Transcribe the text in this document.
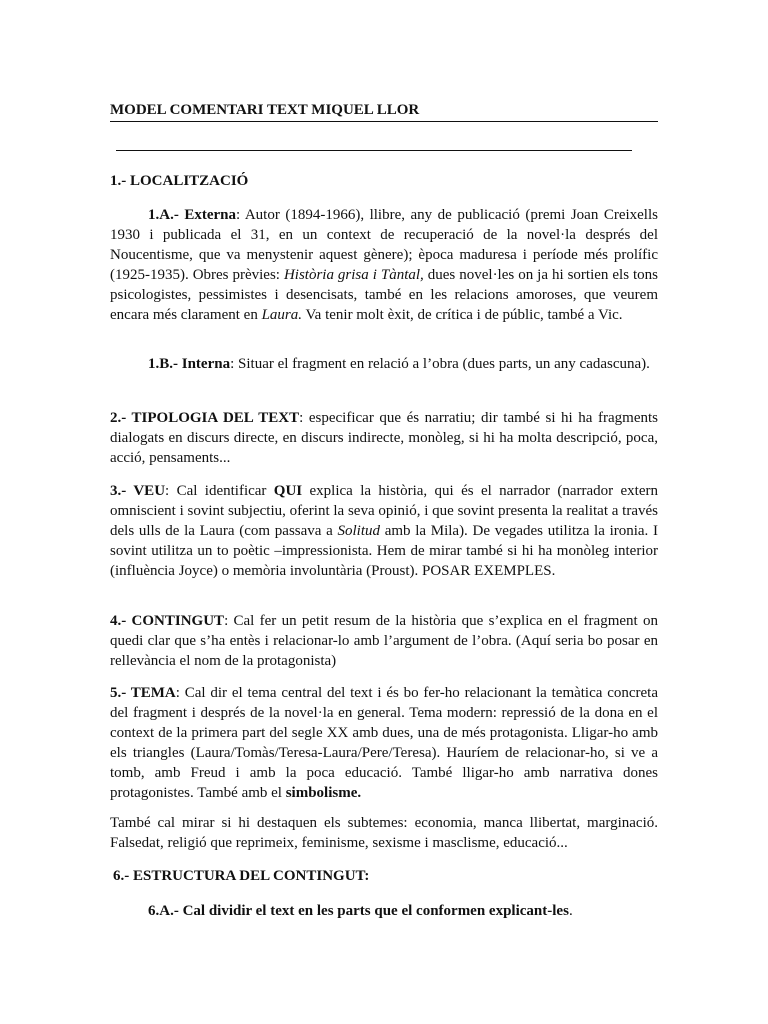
MODEL COMENTARI TEXT MIQUEL LLOR

1.- LOCALITZACIÓ

1.A.- Externa: Autor (1894-1966), llibre, any de publicació (premi Joan Creixells 1930 i publicada el 31, en un context de recuperació de la novel·la després del Noucentisme, que va menystenir aquest gènere); època maduresa i període més prolífic (1925-1935). Obres prèvies: Història grisa i Tàntal, dues novel·les on ja hi sortien els tons psicologistes, pessimistes i desencisats, també en les relacions amoroses, que veurem encara més clarament en Laura. Va tenir molt èxit, de crítica i de públic, també a Vic.

1.B.- Interna: Situar el fragment en relació a l’obra (dues parts, un any cadascuna).

2.- TIPOLOGIA DEL TEXT: especificar que és narratiu; dir també si hi ha fragments dialogats en discurs directe, en discurs indirecte, monòleg, si hi ha molta descripció, poca, acció, pensaments...

3.- VEU: Cal identificar QUI explica la història, qui és el narrador (narrador extern omniscient i sovint subjectiu, oferint la seva opinió, i que sovint presenta la realitat a través dels ulls de la Laura (com passava a Solitud amb la Mila). De vegades utilitza la ironia. I sovint utilitza un to poètic –impressionista. Hem de mirar també si hi ha monòleg interior (influència Joyce) o memòria involuntària (Proust). POSAR EXEMPLES.

4.- CONTINGUT: Cal fer un petit resum de la història que s’explica en el fragment on quedi clar que s’ha entès i relacionar-lo amb l’argument de l’obra. (Aquí seria bo posar en rellevància el nom de la protagonista)

5.- TEMA: Cal dir el tema central del text i és bo fer-ho relacionant la temàtica concreta del fragment i després de la novel·la en general. Tema modern: repressió de la dona en el context de la primera part del segle XX amb dues, una de més protagonista. Lligar-ho amb els triangles (Laura/Tomàs/Teresa-Laura/Pere/Teresa). Hauríem de relacionar-ho, si ve a tomb, amb Freud i amb la poca educació. També lligar-ho amb narrativa dones protagonistes. També amb el simbolisme.

També cal mirar si hi destaquen els subtemes: economia, manca llibertat, marginació. Falsedat, religió que reprimeix, feminisme, sexisme i masclisme, educació...

6.- ESTRUCTURA DEL CONTINGUT:

6.A.- Cal dividir el text en les parts que el conformen explicant-les.
